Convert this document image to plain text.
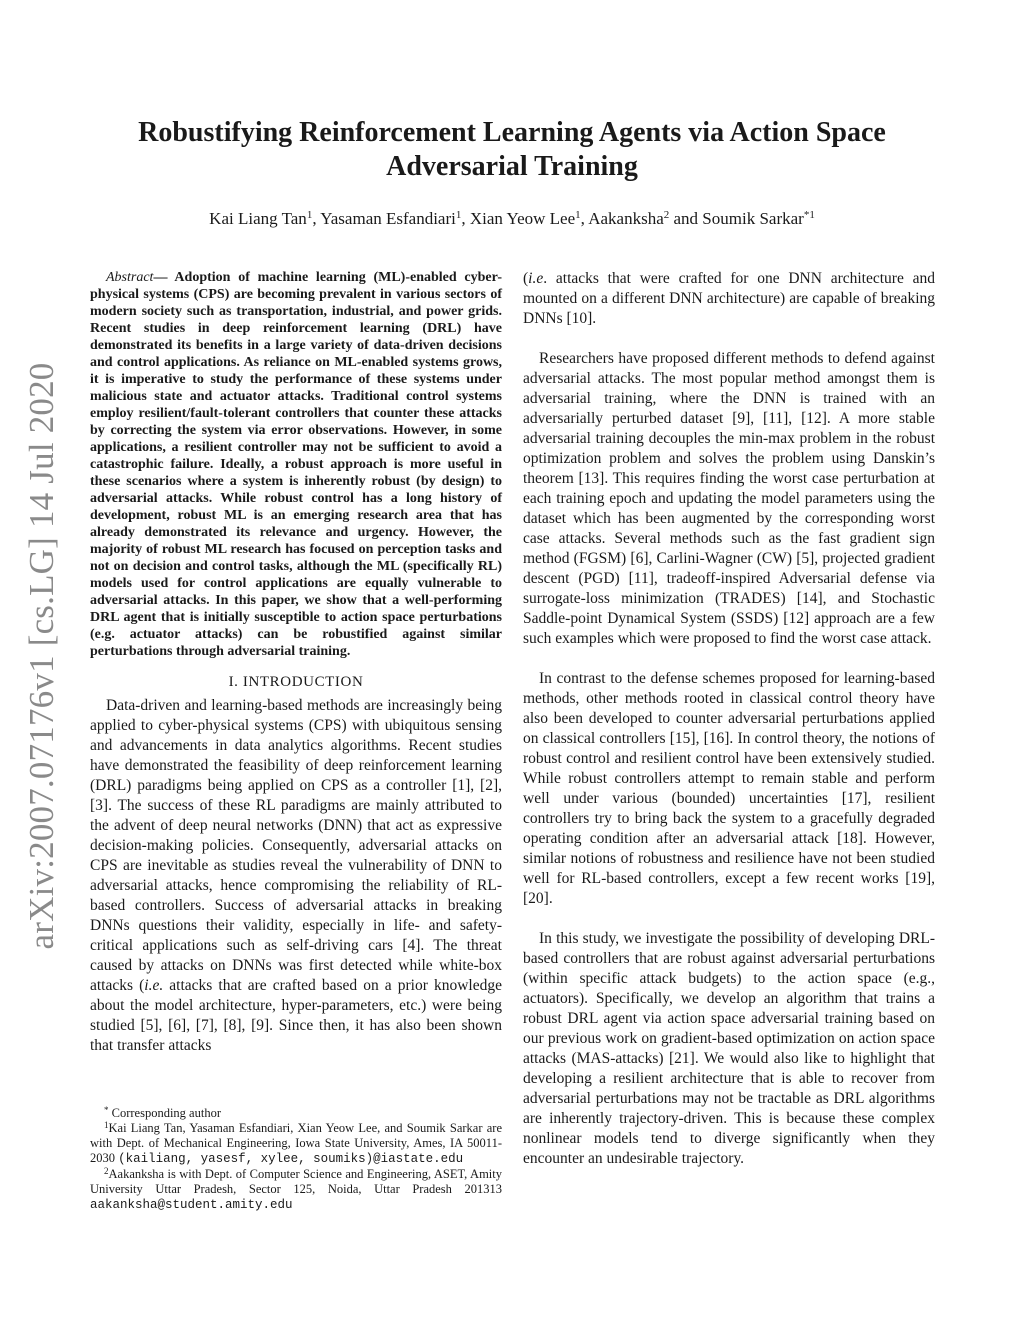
arXiv:2007.07176v1 [cs.LG] 14 Jul 2020
Robustifying Reinforcement Learning Agents via Action Space
Adversarial Training
Kai Liang Tan$^1$, Yasaman Esfandiari$^1$, Xian Yeow Lee$^1$, Aakanksha$^2$ and Soumik Sarkar$^{*1}$

Abstract— Adoption of machine learning (ML)-enabled cyber-physical systems (CPS) are becoming prevalent in various sectors of modern society such as transportation, industrial, and power grids. Recent studies in deep reinforcement learning (DRL) have demonstrated its benefits in a large variety of data-driven decisions and control applications. As reliance on ML-enabled systems grows, it is imperative to study the performance of these systems under malicious state and actuator attacks. Traditional control systems employ resilient/fault-tolerant controllers that counter these attacks by correcting the system via error observations. However, in some applications, a resilient controller may not be sufficient to avoid a catastrophic failure. Ideally, a robust approach is more useful in these scenarios where a system is inherently robust (by design) to adversarial attacks. While robust control has a long history of development, robust ML is an emerging research area that has already demonstrated its relevance and urgency. However, the majority of robust ML research has focused on perception tasks and not on decision and control tasks, although the ML (specifically RL) models used for control applications are equally vulnerable to adversarial attacks. In this paper, we show that a well-performing DRL agent that is initially susceptible to action space perturbations (e.g. actuator attacks) can be robustified against similar perturbations through adversarial training.

I. INTRODUCTION

Data-driven and learning-based methods are increasingly being applied to cyber-physical systems (CPS) with ubiquitous sensing and advancements in data analytics algorithms. Recent studies have demonstrated the feasibility of deep reinforcement learning (DRL) paradigms being applied on CPS as a controller [1], [2], [3]. The success of these RL paradigms are mainly attributed to the advent of deep neural networks (DNN) that act as expressive decision-making policies. Consequently, adversarial attacks on CPS are inevitable as studies reveal the vulnerability of DNN to adversarial attacks, hence compromising the reliability of RL-based controllers. Success of adversarial attacks in breaking DNNs questions their validity, especially in life- and safety-critical applications such as self-driving cars [4]. The threat caused by attacks on DNNs was first detected while white-box attacks (i.e. attacks that are crafted based on a prior knowledge about the model architecture, hyper-parameters, etc.) were being studied [5], [6], [7], [8], [9]. Since then, it has also been shown that transfer attacks

(i.e. attacks that were crafted for one DNN architecture and mounted on a different DNN architecture) are capable of breaking DNNs [10].

Researchers have proposed different methods to defend against adversarial attacks. The most popular method amongst them is adversarial training, where the DNN is trained with an adversarially perturbed dataset [9], [11], [12]. A more stable adversarial training decouples the min-max problem in the robust optimization problem and solves the problem using Danskin’s theorem [13]. This requires finding the worst case perturbation at each training epoch and updating the model parameters using the dataset which has been augmented by the corresponding worst case attacks. Several methods such as the fast gradient sign method (FGSM) [6], Carlini-Wagner (CW) [5], projected gradient descent (PGD) [11], tradeoff-inspired Adversarial defense via surrogate-loss minimization (TRADES) [14], and Stochastic Saddle-point Dynamical System (SSDS) [12] approach are a few such examples which were proposed to find the worst case attack.

In contrast to the defense schemes proposed for learning-based methods, other methods rooted in classical control theory have also been developed to counter adversarial perturbations applied on classical controllers [15], [16]. In control theory, the notions of robust control and resilient control have been extensively studied. While robust controllers attempt to remain stable and perform well under various (bounded) uncertainties [17], resilient controllers try to bring back the system to a gracefully degraded operating condition after an adversarial attack [18]. However, similar notions of robustness and resilience have not been studied well for RL-based controllers, except a few recent works [19], [20].

In this study, we investigate the possibility of developing DRL-based controllers that are robust against adversarial perturbations (within specific attack budgets) to the action space (e.g., actuators). Specifically, we develop an algorithm that trains a robust DRL agent via action space adversarial training based on our previous work on gradient-based optimization on action space attacks (MAS-attacks) [21]. We would also like to highlight that developing a resilient architecture that is able to recover from adversarial perturbations may not be tractable as DRL algorithms are inherently trajectory-driven. This is because these complex nonlinear models tend to diverge significantly when they encounter an undesirable trajectory.

* Corresponding author

$^1$Kai Liang Tan, Yasaman Esfandiari, Xian Yeow Lee, and Soumik Sarkar are with Dept. of Mechanical Engineering, Iowa State University, Ames, IA 50011-2030 (kailiang, yasesf, xylee, soumiks)@iastate.edu

$^2$Aakanksha is with Dept. of Computer Science and Engineering, ASET, Amity University Uttar Pradesh, Sector 125, Noida, Uttar Pradesh 201313 aakanksha@student.amity.edu
